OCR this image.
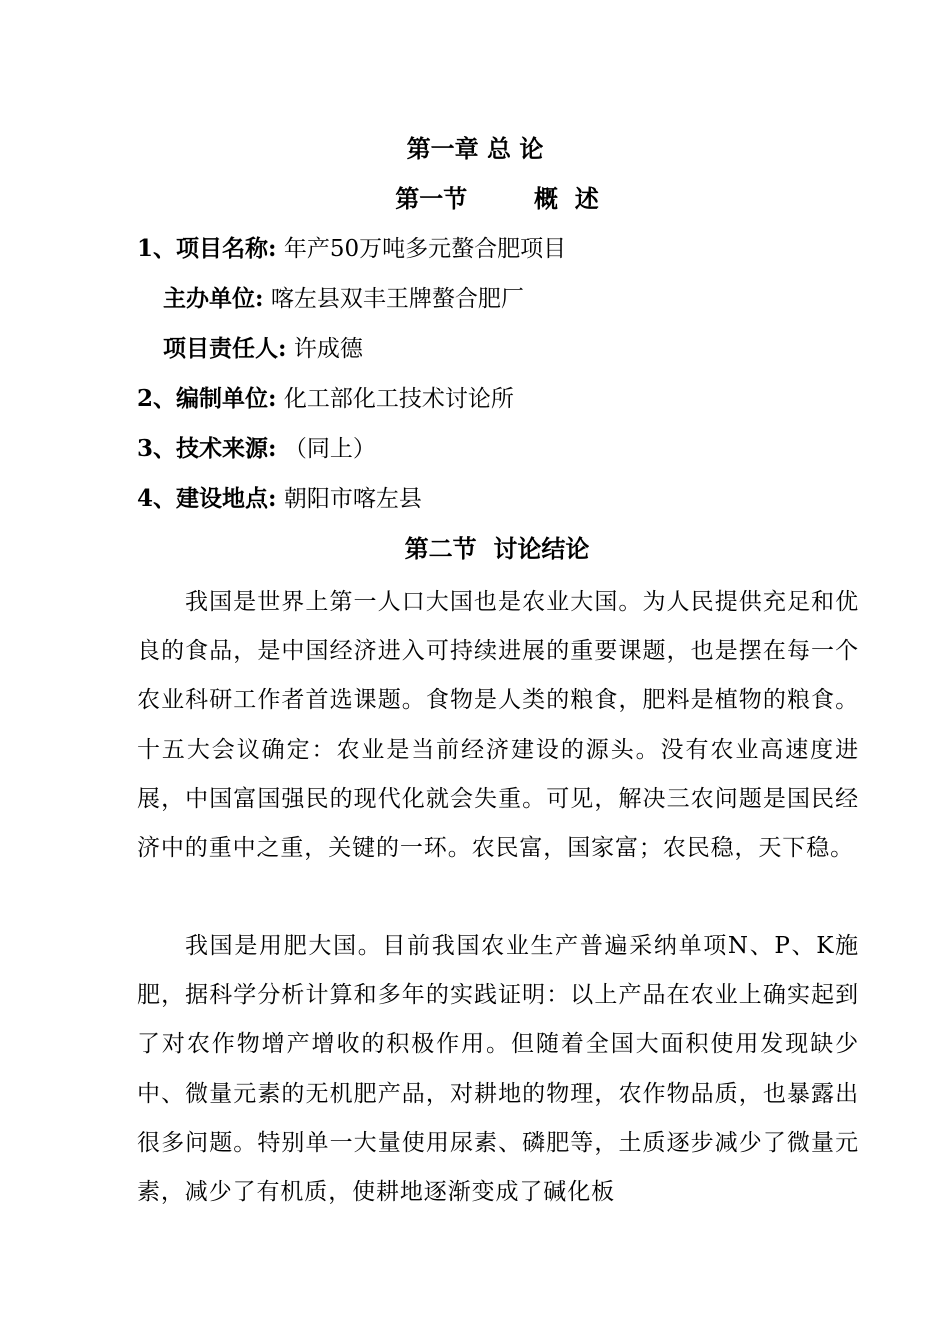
第一章 总 论
第一节        概  述
1、项目名称: 年产50万吨多元螯合肥项目
主办单位: 喀左县双丰王牌螯合肥厂
项目责任人: 许成德
2、编制单位: 化工部化工技术讨论所
3、技术来源: （同上）
4、建设地点: 朝阳市喀左县
第二节  讨论结论
我国是世界上第一人口大国也是农业大国。为人民提供充足和优良的食品，是中国经济进入可持续进展的重要课题，也是摆在每一个农业科研工作者首选课题。食物是人类的粮食，肥料是植物的粮食。十五大会议确定：农业是当前经济建设的源头。没有农业高速度进展，中国富国强民的现代化就会失重。可见，解决三农问题是国民经济中的重中之重，关键的一环。农民富，国家富；农民稳，天下稳。
我国是用肥大国。目前我国农业生产普遍采纳单项N、P、K施肥，据科学分析计算和多年的实践证明：以上产品在农业上确实起到了对农作物增产增收的积极作用。但随着全国大面积使用发现缺少中、微量元素的无机肥产品，对耕地的物理，农作物品质，也暴露出很多问题。特别单一大量使用尿素、磷肥等，土质逐步减少了微量元素，减少了有机质，使耕地逐渐变成了碱化板
